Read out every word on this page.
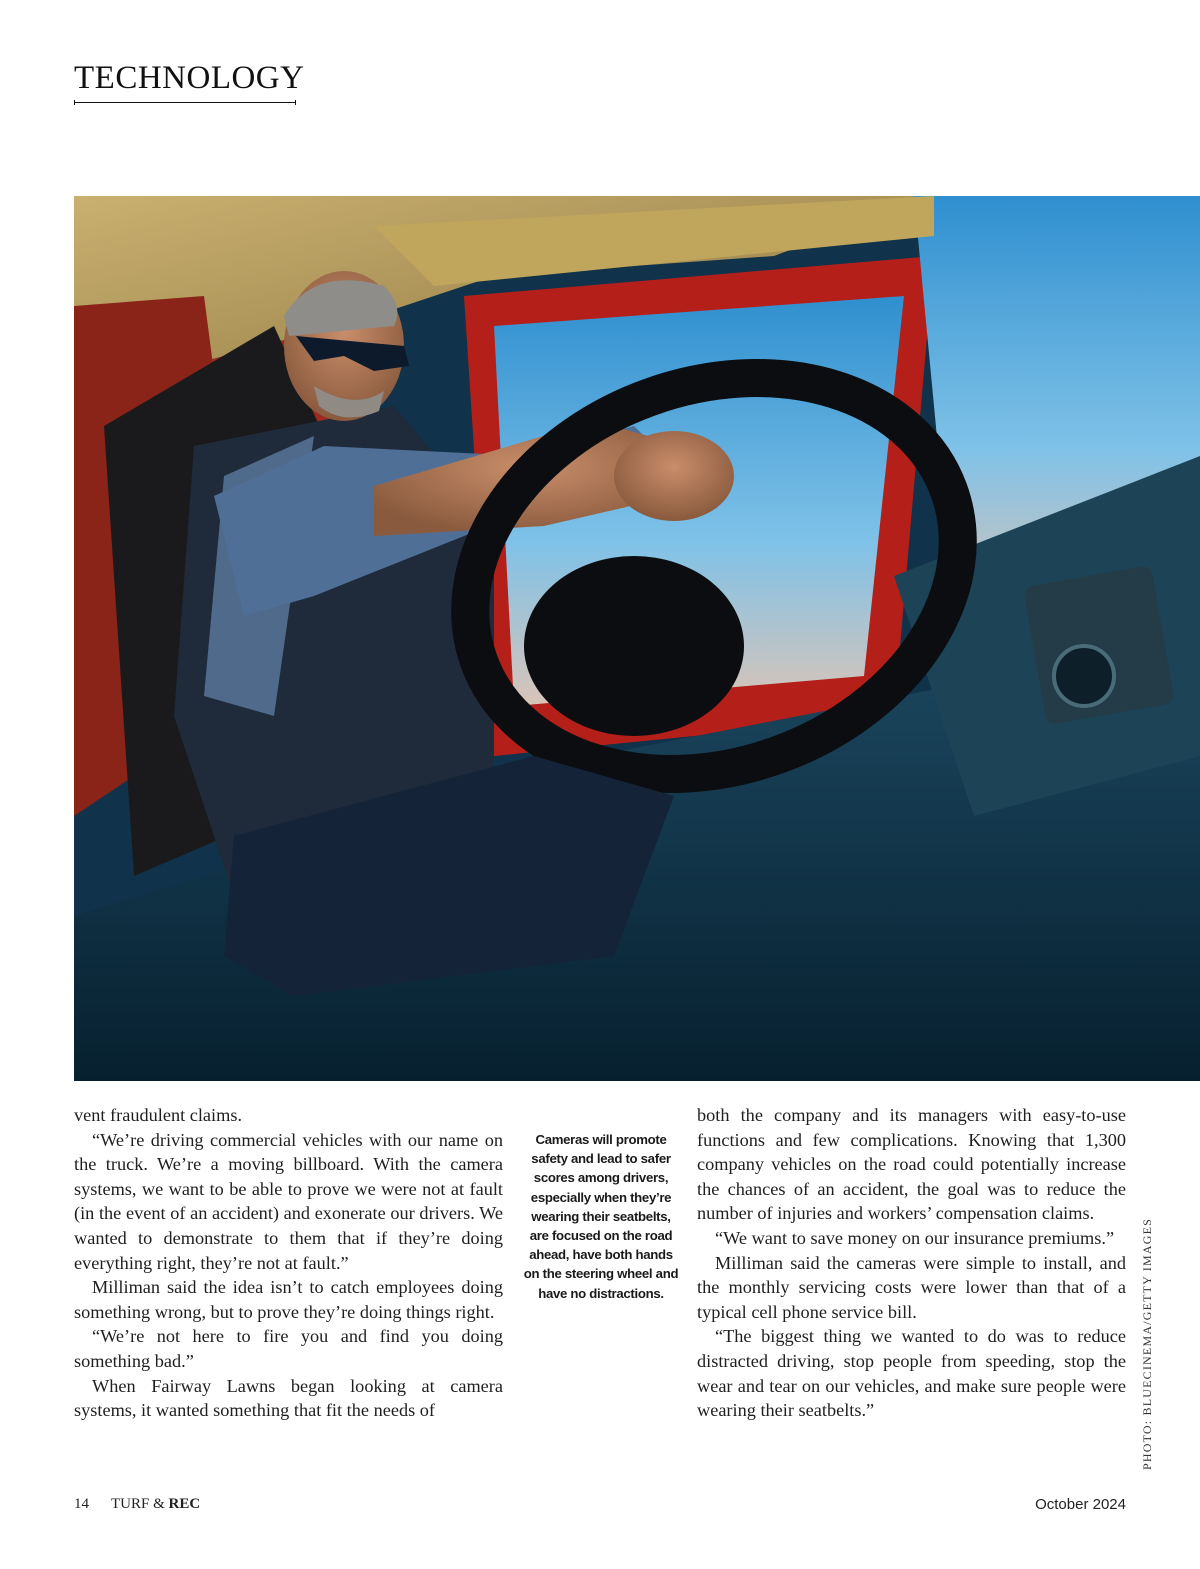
TECHNOLOGY

vent fraudulent claims.

“We’re driving commercial vehicles with our name on the truck. We’re a moving billboard. With the camera systems, we want to be able to prove we were not at fault (in the event of an accident) and exonerate our drivers. We wanted to demonstrate to them that if they’re doing everything right, they’re not at fault.”

Milliman said the idea isn’t to catch employees doing something wrong, but to prove they’re doing things right.

“We’re not here to fire you and find you doing something bad.”

When Fairway Lawns began looking at camera systems, it wanted something that fit the needs of

Cameras will promote safety and lead to safer scores among drivers, especially when they’re wearing their seatbelts, are focused on the road ahead, have both hands on the steering wheel and have no distractions.

both the company and its managers with easy-to-use functions and few complications. Knowing that 1,300 company vehicles on the road could potentially increase the chances of an accident, the goal was to reduce the number of injuries and workers’ compensation claims.

“We want to save money on our insurance premiums.”

Milliman said the cameras were simple to install, and the monthly servicing costs were lower than that of a typical cell phone service bill.

“The biggest thing we wanted to do was to reduce distracted driving, stop people from speeding, stop the wear and tear on our vehicles, and make sure people were wearing their seatbelts.”	PHOTO: BLUECINEMA/GETTY IMAGES
14 TURF & REC	October 2024
